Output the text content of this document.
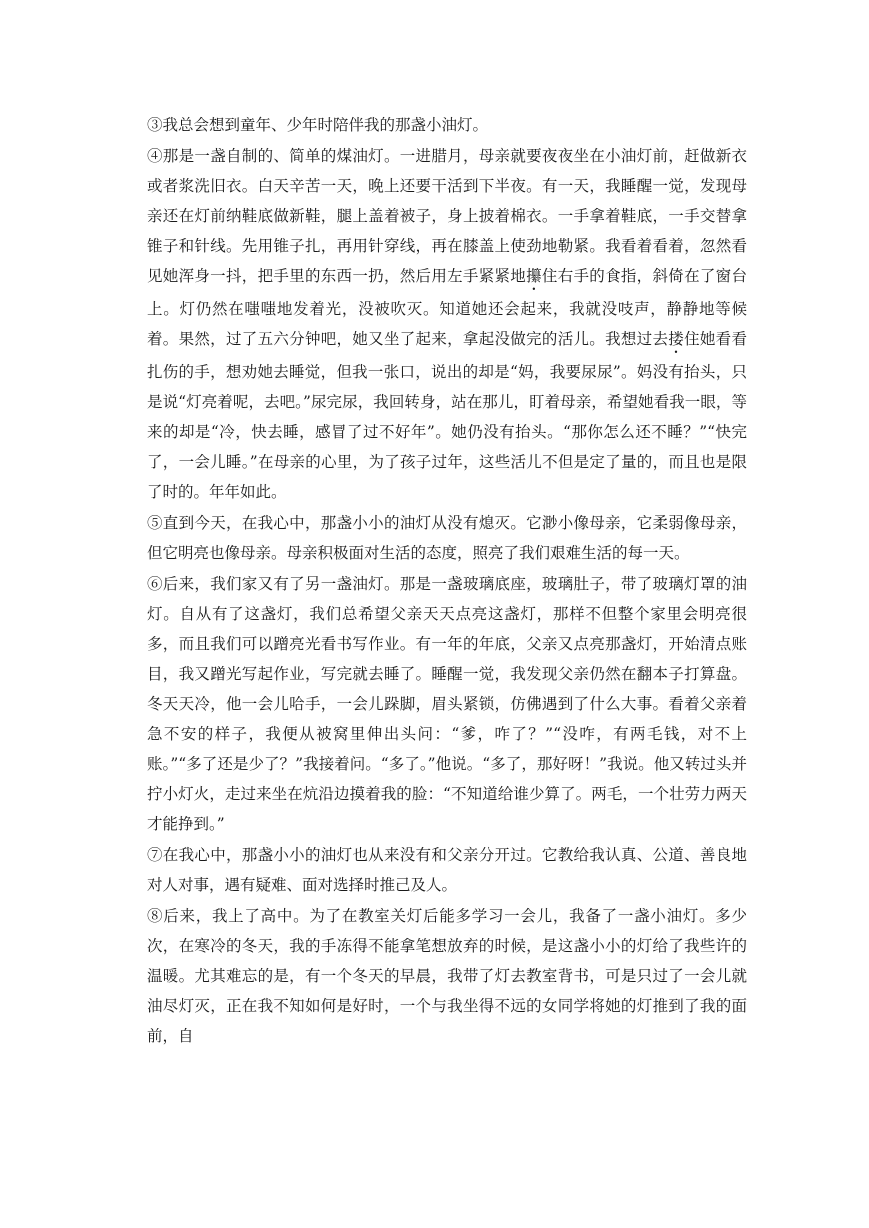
③我总会想到童年、少年时陪伴我的那盏小油灯。

④那是一盏自制的、简单的煤油灯。一进腊月，母亲就要夜夜坐在小油灯前，赶做新衣或者浆洗旧衣。白天辛苦一天，晚上还要干活到下半夜。有一天，我睡醒一觉，发现母亲还在灯前纳鞋底做新鞋，腿上盖着被子，身上披着棉衣。一手拿着鞋底，一手交替拿锥子和针线。先用锥子扎，再用针穿线，再在膝盖上使劲地勒紧。我看着看着，忽然看见她浑身一抖，把手里的东西一扔，然后用左手紧紧地攥住右手的食指，斜倚在了窗台上。灯仍然在嗤嗤地发着光，没被吹灭。知道她还会起来，我就没吱声，静静地等候着。果然，过了五六分钟吧，她又坐了起来，拿起没做完的活儿。我想过去搂住她看看扎伤的手，想劝她去睡觉，但我一张口，说出的却是“妈，我要尿尿”。妈没有抬头，只是说“灯亮着呢，去吧。”尿完尿，我回转身，站在那儿，盯着母亲，希望她看我一眼，等来的却是“冷，快去睡，感冒了过不好年”。她仍没有抬头。“那你怎么还不睡？”“快完了，一会儿睡。”在母亲的心里，为了孩子过年，这些活儿不但是定了量的，而且也是限了时的。年年如此。

⑤直到今天，在我心中，那盏小小的油灯从没有熄灭。它渺小像母亲，它柔弱像母亲，但它明亮也像母亲。母亲积极面对生活的态度，照亮了我们艰难生活的每一天。

⑥后来，我们家又有了另一盏油灯。那是一盏玻璃底座，玻璃肚子，带了玻璃灯罩的油灯。自从有了这盏灯，我们总希望父亲天天点亮这盏灯，那样不但整个家里会明亮很多，而且我们可以蹭亮光看书写作业。有一年的年底，父亲又点亮那盏灯，开始清点账目，我又蹭光写起作业，写完就去睡了。睡醒一觉，我发现父亲仍然在翻本子打算盘。冬天天冷，他一会儿哈手，一会儿跺脚，眉头紧锁，仿佛遇到了什么大事。看着父亲着急不安的样子，我便从被窝里伸出头问：“爹，咋了？”“没咋，有两毛钱，对不上账。”“多了还是少了？”我接着问。“多了。”他说。“多了，那好呀！”我说。他又转过头并拧小灯火，走过来坐在炕沿边摸着我的脸：“不知道给谁少算了。两毛，一个壮劳力两天才能挣到。”

⑦在我心中，那盏小小的油灯也从来没有和父亲分开过。它教给我认真、公道、善良地对人对事，遇有疑难、面对选择时推己及人。

⑧后来，我上了高中。为了在教室关灯后能多学习一会儿，我备了一盏小油灯。多少次，在寒冷的冬天，我的手冻得不能拿笔想放弃的时候，是这盏小小的灯给了我些许的温暖。尤其难忘的是，有一个冬天的早晨，我带了灯去教室背书，可是只过了一会儿就油尽灯灭，正在我不知如何是好时，一个与我坐得不远的女同学将她的灯推到了我的面前，自
